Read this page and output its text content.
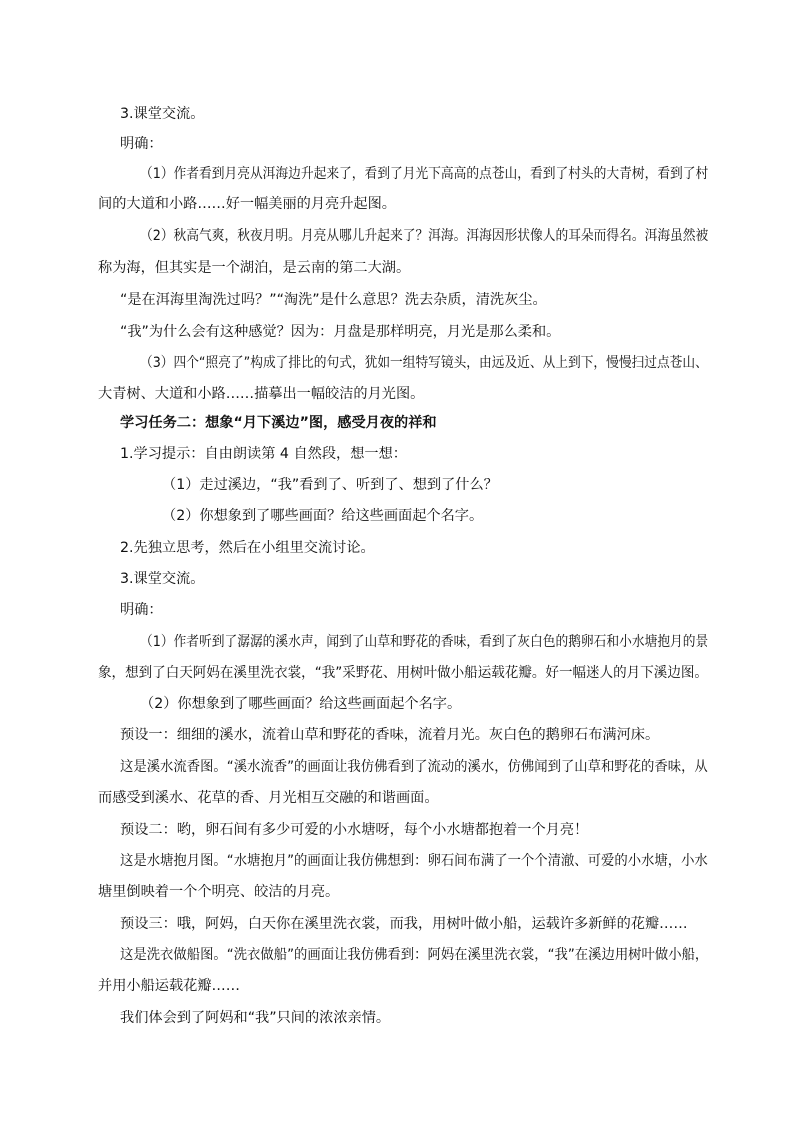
3.课堂交流。

明确：

（1）作者看到月亮从洱海边升起来了，看到了月光下高高的点苍山，看到了村头的大青树，看到了村

间的大道和小路……好一幅美丽的月亮升起图。

（2）秋高气爽，秋夜月明。月亮从哪儿升起来了？洱海。洱海因形状像人的耳朵而得名。洱海虽然被

称为海，但其实是一个湖泊，是云南的第二大湖。

“是在洱海里淘洗过吗？”“淘洗”是什么意思？洗去杂质，清洗灰尘。

“我”为什么会有这种感觉？因为：月盘是那样明亮，月光是那么柔和。

（3）四个“照亮了”构成了排比的句式，犹如一组特写镜头，由远及近、从上到下，慢慢扫过点苍山、

大青树、大道和小路……描摹出一幅皎洁的月光图。

学习任务二：想象“月下溪边”图，感受月夜的祥和

1.学习提示：自由朗读第 4 自然段，想一想：

（1）走过溪边，“我”看到了、听到了、想到了什么？

（2）你想象到了哪些画面？给这些画面起个名字。

2.先独立思考，然后在小组里交流讨论。

3.课堂交流。

明确：

（1）作者听到了潺潺的溪水声，闻到了山草和野花的香味，看到了灰白色的鹅卵石和小水塘抱月的景

象，想到了白天阿妈在溪里洗衣裳，“我”采野花、用树叶做小船运载花瓣。好一幅迷人的月下溪边图。

（2）你想象到了哪些画面？给这些画面起个名字。

预设一：细细的溪水，流着山草和野花的香味，流着月光。灰白色的鹅卵石布满河床。

这是溪水流香图。“溪水流香”的画面让我仿佛看到了流动的溪水，仿佛闻到了山草和野花的香味，从

而感受到溪水、花草的香、月光相互交融的和谐画面。

预设二：哟，卵石间有多少可爱的小水塘呀，每个小水塘都抱着一个月亮！

这是水塘抱月图。“水塘抱月”的画面让我仿佛想到：卵石间布满了一个个清澈、可爱的小水塘，小水

塘里倒映着一个个明亮、皎洁的月亮。

预设三：哦，阿妈，白天你在溪里洗衣裳，而我，用树叶做小船，运载许多新鲜的花瓣……

这是洗衣做船图。“洗衣做船”的画面让我仿佛看到：阿妈在溪里洗衣裳，“我”在溪边用树叶做小船，

并用小船运载花瓣……

我们体会到了阿妈和“我”只间的浓浓亲情。
